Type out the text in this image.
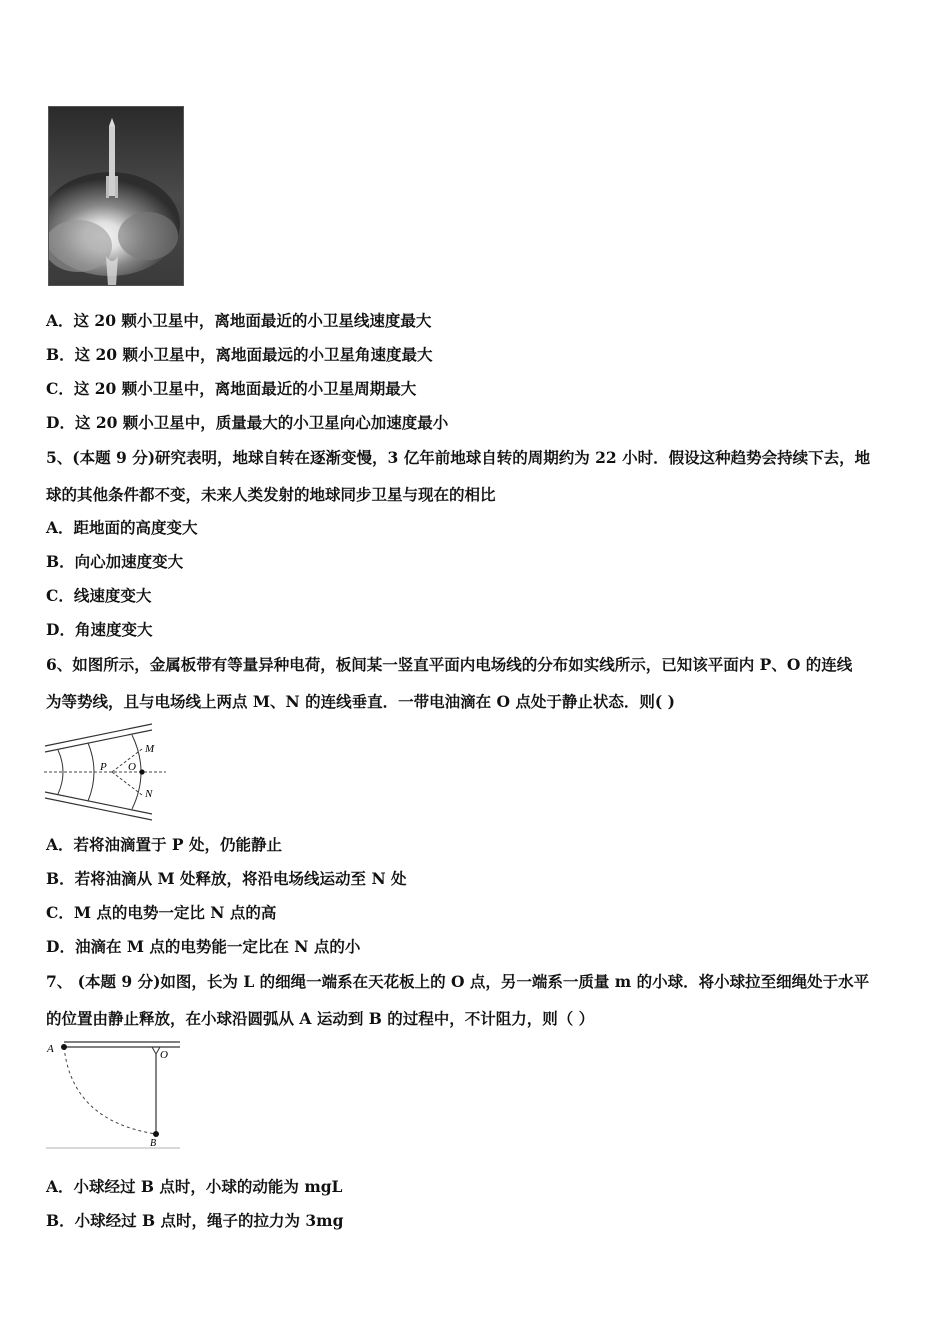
A．这 20 颗小卫星中，离地面最近的小卫星线速度最大
B．这 20 颗小卫星中，离地面最远的小卫星角速度最大
C．这 20 颗小卫星中，离地面最近的小卫星周期最大
D．这 20 颗小卫星中，质量最大的小卫星向心加速度最小
5、(本题 9 分)研究表明，地球自转在逐渐变慢，3 亿年前地球自转的周期约为 22 小时．假设这种趋势会持续下去，地
球的其他条件都不变，未来人类发射的地球同步卫星与现在的相比
A．距地面的高度变大
B．向心加速度变大
C．线速度变大
D．角速度变大
6、如图所示，金属板带有等量异种电荷，板间某一竖直平面内电场线的分布如实线所示，已知该平面内 P、O 的连线
为等势线，且与电场线上两点 M、N 的连线垂直．一带电油滴在 O 点处于静止状态．则( )
M
P O
N
A．若将油滴置于 P 处，仍能静止
B．若将油滴从 M 处释放，将沿电场线运动至 N 处
C．M 点的电势一定比 N 点的高
D．油滴在 M 点的电势能一定比在 N 点的小
7、 (本题 9 分)如图，长为 L 的细绳一端系在天花板上的 O 点，另一端系一质量 m 的小球．将小球拉至细绳处于水平
的位置由静止释放，在小球沿圆弧从 A 运动到 B 的过程中，不计阻力，则（ ）
A	O
B
A．小球经过 B 点时，小球的动能为 mgL
B．小球经过 B 点时，绳子的拉力为 3mg
